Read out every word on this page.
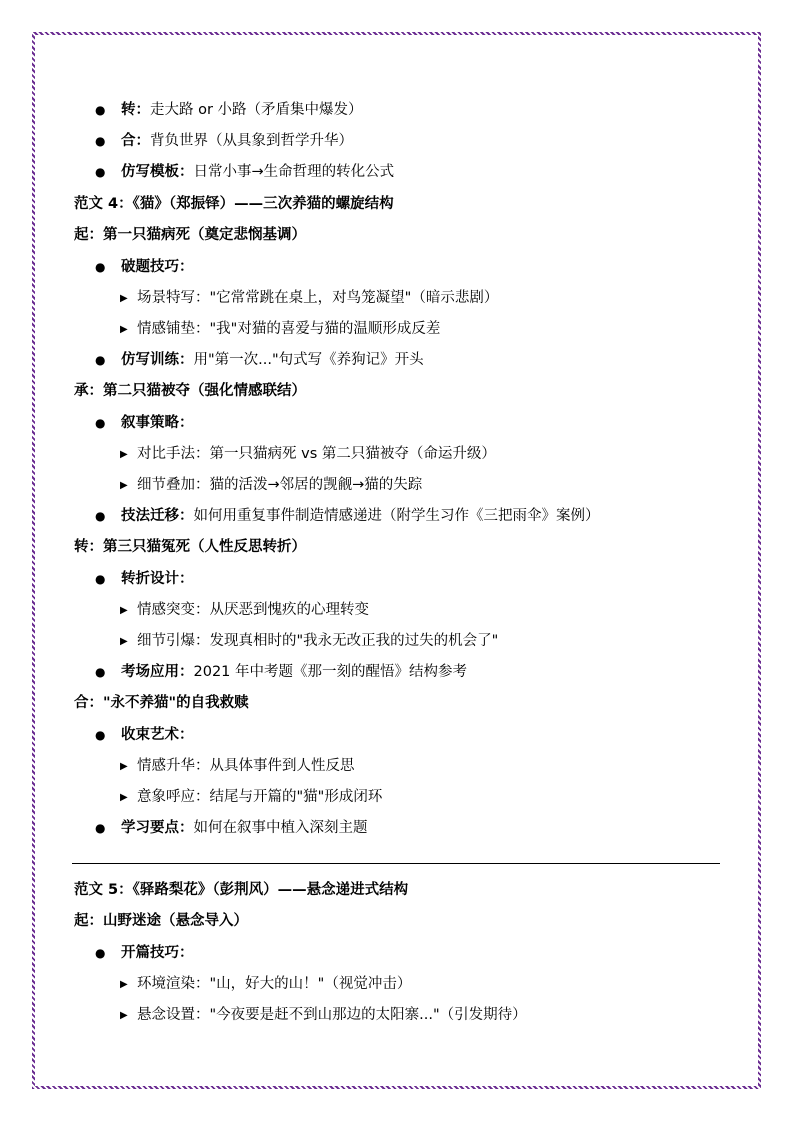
● 转：走大路 or 小路（矛盾集中爆发）
● 合：背负世界（从具象到哲学升华）
● 仿写模板：日常小事→生命哲理的转化公式
范文 4：《猫》（郑振铎）——三次养猫的螺旋结构
起：第一只猫病死（奠定悲悯基调）
● 破题技巧：
▶ 场景特写："它常常跳在桌上，对鸟笼凝望"（暗示悲剧）
▶ 情感铺垫："我"对猫的喜爱与猫的温顺形成反差
● 仿写训练：用"第一次..."句式写《养狗记》开头
承：第二只猫被夺（强化情感联结）
● 叙事策略：
▶ 对比手法：第一只猫病死 vs 第二只猫被夺（命运升级）
▶ 细节叠加：猫的活泼→邻居的觊觎→猫的失踪
● 技法迁移：如何用重复事件制造情感递进（附学生习作《三把雨伞》案例）
转：第三只猫冤死（人性反思转折）
● 转折设计：
▶ 情感突变：从厌恶到愧疚的心理转变
▶ 细节引爆：发现真相时的"我永无改正我的过失的机会了"
● 考场应用：2021 年中考题《那一刻的醒悟》结构参考
合："永不养猫"的自我救赎
● 收束艺术：
▶ 情感升华：从具体事件到人性反思
▶ 意象呼应：结尾与开篇的"猫"形成闭环
● 学习要点：如何在叙事中植入深刻主题
范文 5：《驿路梨花》（彭荆风）——悬念递进式结构
起：山野迷途（悬念导入）
● 开篇技巧：
▶ 环境渲染："山，好大的山！"（视觉冲击）
▶ 悬念设置："今夜要是赶不到山那边的太阳寨..."（引发期待）
